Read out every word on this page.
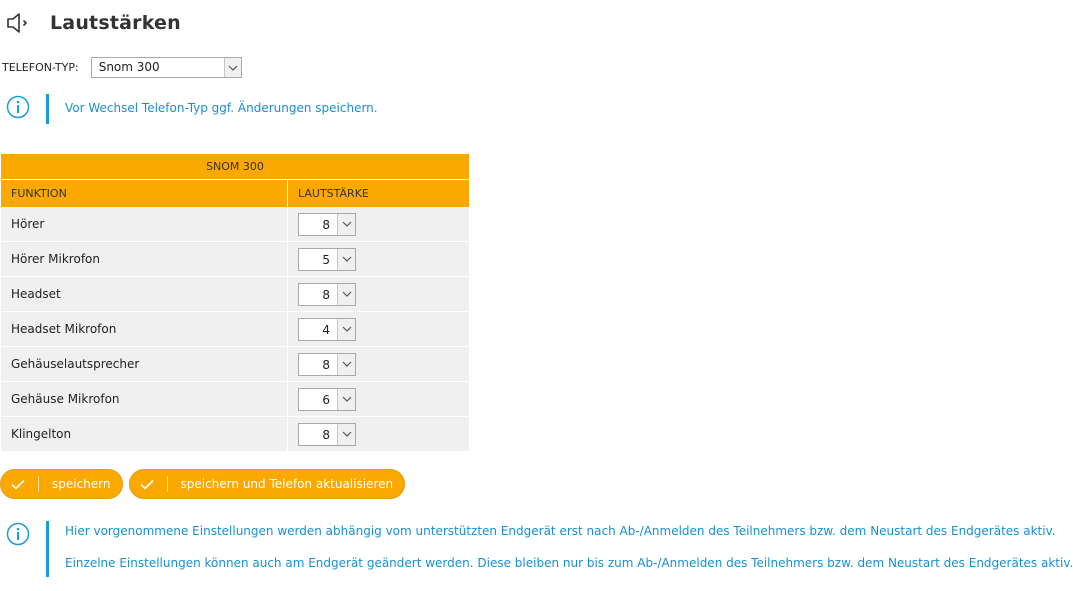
Lautstärken
TELEFON-TYP:	Snom 300
Vor Wechsel Telefon-Typ ggf. Änderungen speichern.
SNOM 300	
FUNKTION	LAUTSTÄRKE
Hörer	8

Hörer Mikrofon	5

Headset	8

Headset Mikrofon	4

Gehäuselautsprecher	8

Gehäuse Mikrofon	6

Klingelton	8
speichern	speichern und Telefon aktualisieren
Hier vorgenommene Einstellungen werden abhängig vom unterstützten Endgerät erst nach Ab-/Anmelden des Teilnehmers bzw. dem Neustart des Endgerätes aktiv.
Einzelne Einstellungen können auch am Endgerät geändert werden. Diese bleiben nur bis zum Ab-/Anmelden des Teilnehmers bzw. dem Neustart des Endgerätes aktiv.
